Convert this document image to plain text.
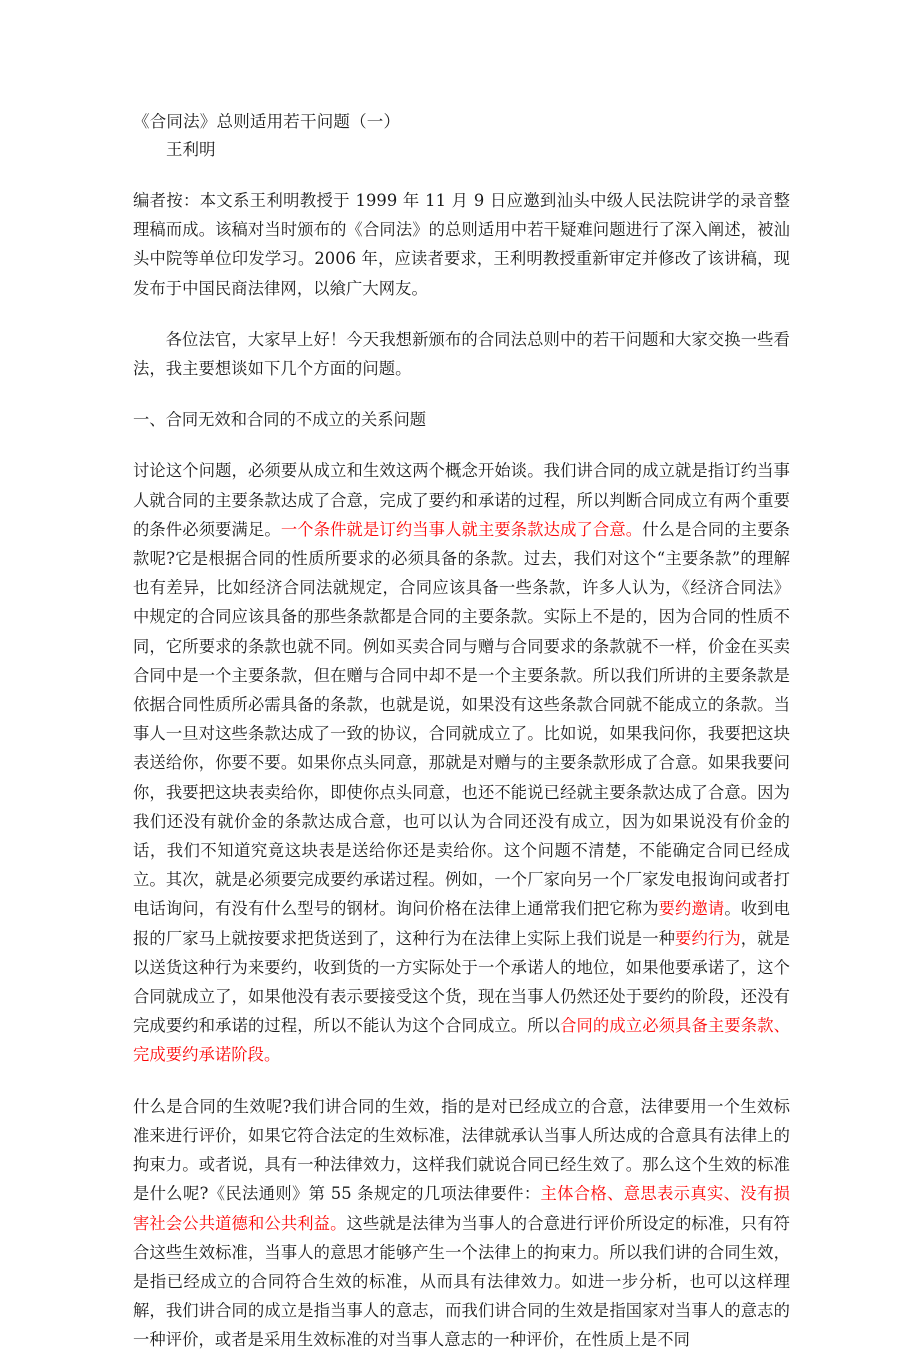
《合同法》总则适用若干问题（一）
王利明

编者按：本文系王利明教授于 1999 年 11 月 9 日应邀到汕头中级人民法院讲学的录音整理稿而成。该稿对当时颁布的《合同法》的总则适用中若干疑难问题进行了深入阐述，被汕头中院等单位印发学习。2006 年，应读者要求，王利明教授重新审定并修改了该讲稿，现发布于中国民商法律网，以飨广大网友。

各位法官，大家早上好！今天我想新颁布的合同法总则中的若干问题和大家交换一些看法，我主要想谈如下几个方面的问题。

一、合同无效和合同的不成立的关系问题

讨论这个问题，必须要从成立和生效这两个概念开始谈。我们讲合同的成立就是指订约当事人就合同的主要条款达成了合意，完成了要约和承诺的过程，所以判断合同成立有两个重要的条件必须要满足。一个条件就是订约当事人就主要条款达成了合意。什么是合同的主要条款呢?它是根据合同的性质所要求的必须具备的条款。过去，我们对这个“主要条款”的理解也有差异，比如经济合同法就规定，合同应该具备一些条款，许多人认为，《经济合同法》中规定的合同应该具备的那些条款都是合同的主要条款。实际上不是的，因为合同的性质不同，它所要求的条款也就不同。例如买卖合同与赠与合同要求的条款就不一样，价金在买卖合同中是一个主要条款，但在赠与合同中却不是一个主要条款。所以我们所讲的主要条款是依据合同性质所必需具备的条款，也就是说，如果没有这些条款合同就不能成立的条款。当事人一旦对这些条款达成了一致的协议，合同就成立了。比如说，如果我问你，我要把这块表送给你，你要不要。如果你点头同意，那就是对赠与的主要条款形成了合意。如果我要问你，我要把这块表卖给你，即使你点头同意，也还不能说已经就主要条款达成了合意。因为我们还没有就价金的条款达成合意，也可以认为合同还没有成立，因为如果说没有价金的话，我们不知道究竟这块表是送给你还是卖给你。这个问题不清楚，不能确定合同已经成立。其次，就是必须要完成要约承诺过程。例如，一个厂家向另一个厂家发电报询问或者打电话询问，有没有什么型号的钢材。询问价格在法律上通常我们把它称为要约邀请。收到电报的厂家马上就按要求把货送到了，这种行为在法律上实际上我们说是一种要约行为，就是以送货这种行为来要约，收到货的一方实际处于一个承诺人的地位，如果他要承诺了，这个合同就成立了，如果他没有表示要接受这个货，现在当事人仍然还处于要约的阶段，还没有完成要约和承诺的过程，所以不能认为这个合同成立。所以合同的成立必须具备主要条款、完成要约承诺阶段。

什么是合同的生效呢?我们讲合同的生效，指的是对已经成立的合意，法律要用一个生效标准来进行评价，如果它符合法定的生效标准，法律就承认当事人所达成的合意具有法律上的拘束力。或者说，具有一种法律效力，这样我们就说合同已经生效了。那么这个生效的标准是什么呢?《民法通则》第 55 条规定的几项法律要件：主体合格、意思表示真实、没有损害社会公共道德和公共利益。这些就是法律为当事人的合意进行评价所设定的标准，只有符合这些生效标准，当事人的意思才能够产生一个法律上的拘束力。所以我们讲的合同生效，是指已经成立的合同符合生效的标准，从而具有法律效力。如进一步分析，也可以这样理解，我们讲合同的成立是指当事人的意志，而我们讲合同的生效是指国家对当事人的意志的一种评价，或者是采用生效标准的对当事人意志的一种评价，在性质上是不同
